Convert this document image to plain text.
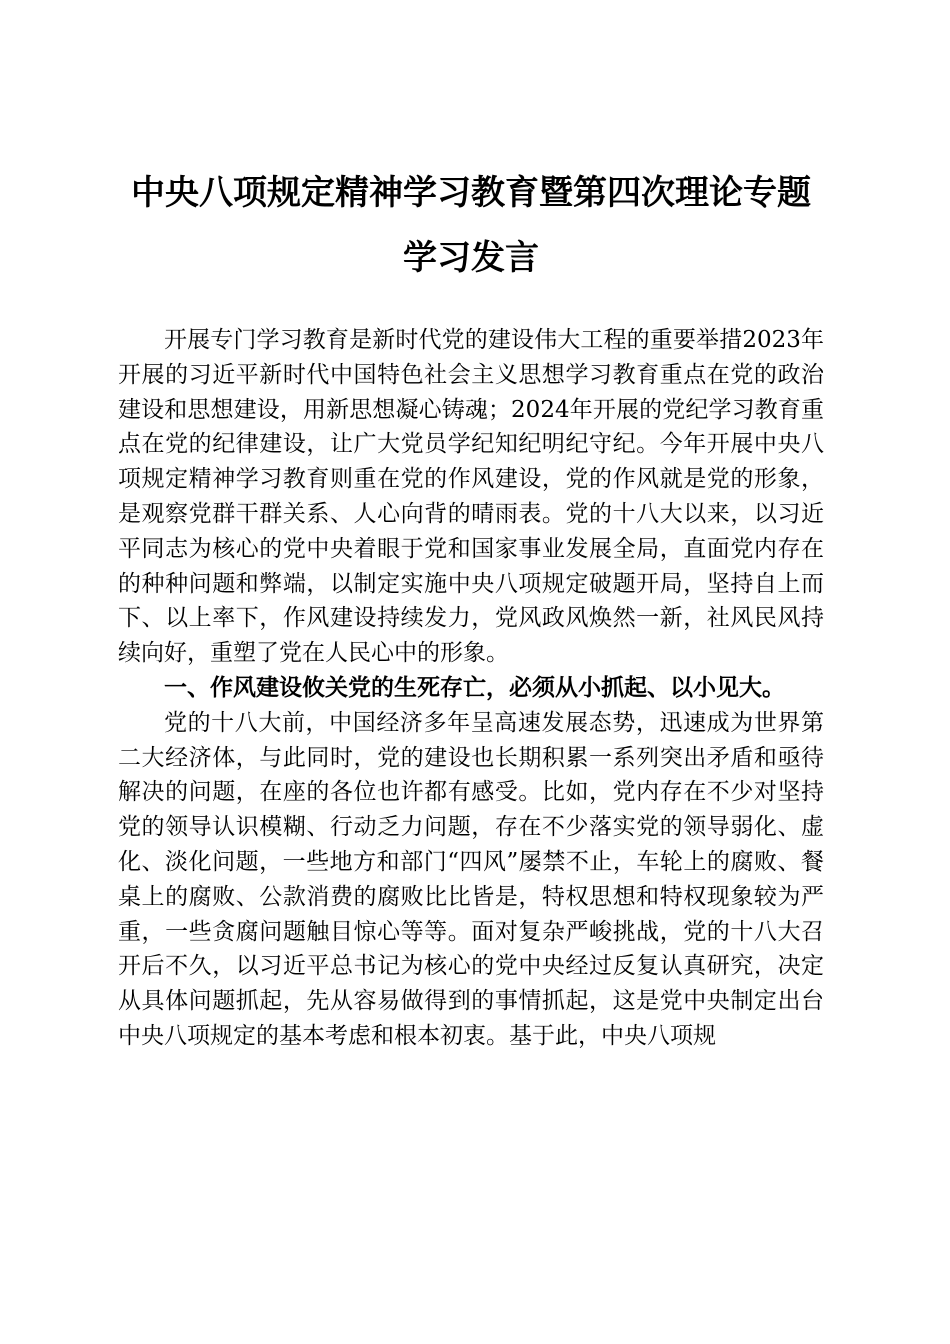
中央八项规定精神学习教育暨第四次理论专题
学习发言

开展专门学习教育是新时代党的建设伟大工程的重要举措2023年开展的习近平新时代中国特色社会主义思想学习教育重点在党的政治建设和思想建设，用新思想凝心铸魂；2024年开展的党纪学习教育重点在党的纪律建设，让广大党员学纪知纪明纪守纪。今年开展中央八项规定精神学习教育则重在党的作风建设，党的作风就是党的形象，是观察党群干群关系、人心向背的晴雨表。党的十八大以来，以习近平同志为核心的党中央着眼于党和国家事业发展全局，直面党内存在的种种问题和弊端，以制定实施中央八项规定破题开局，坚持自上而下、以上率下，作风建设持续发力，党风政风焕然一新，社风民风持续向好，重塑了党在人民心中的形象。

一、作风建设攸关党的生死存亡，必须从小抓起、以小见大。

党的十八大前，中国经济多年呈高速发展态势，迅速成为世界第二大经济体，与此同时，党的建设也长期积累一系列突出矛盾和亟待解决的问题，在座的各位也许都有感受。比如，党内存在不少对坚持党的领导认识模糊、行动乏力问题，存在不少落实党的领导弱化、虚化、淡化问题，一些地方和部门“四风”屡禁不止，车轮上的腐败、餐桌上的腐败、公款消费的腐败比比皆是，特权思想和特权现象较为严重，一些贪腐问题触目惊心等等。面对复杂严峻挑战，党的十八大召开后不久，以习近平总书记为核心的党中央经过反复认真研究，决定从具体问题抓起，先从容易做得到的事情抓起，这是党中央制定出台中央八项规定的基本考虑和根本初衷。基于此，中央八项规
